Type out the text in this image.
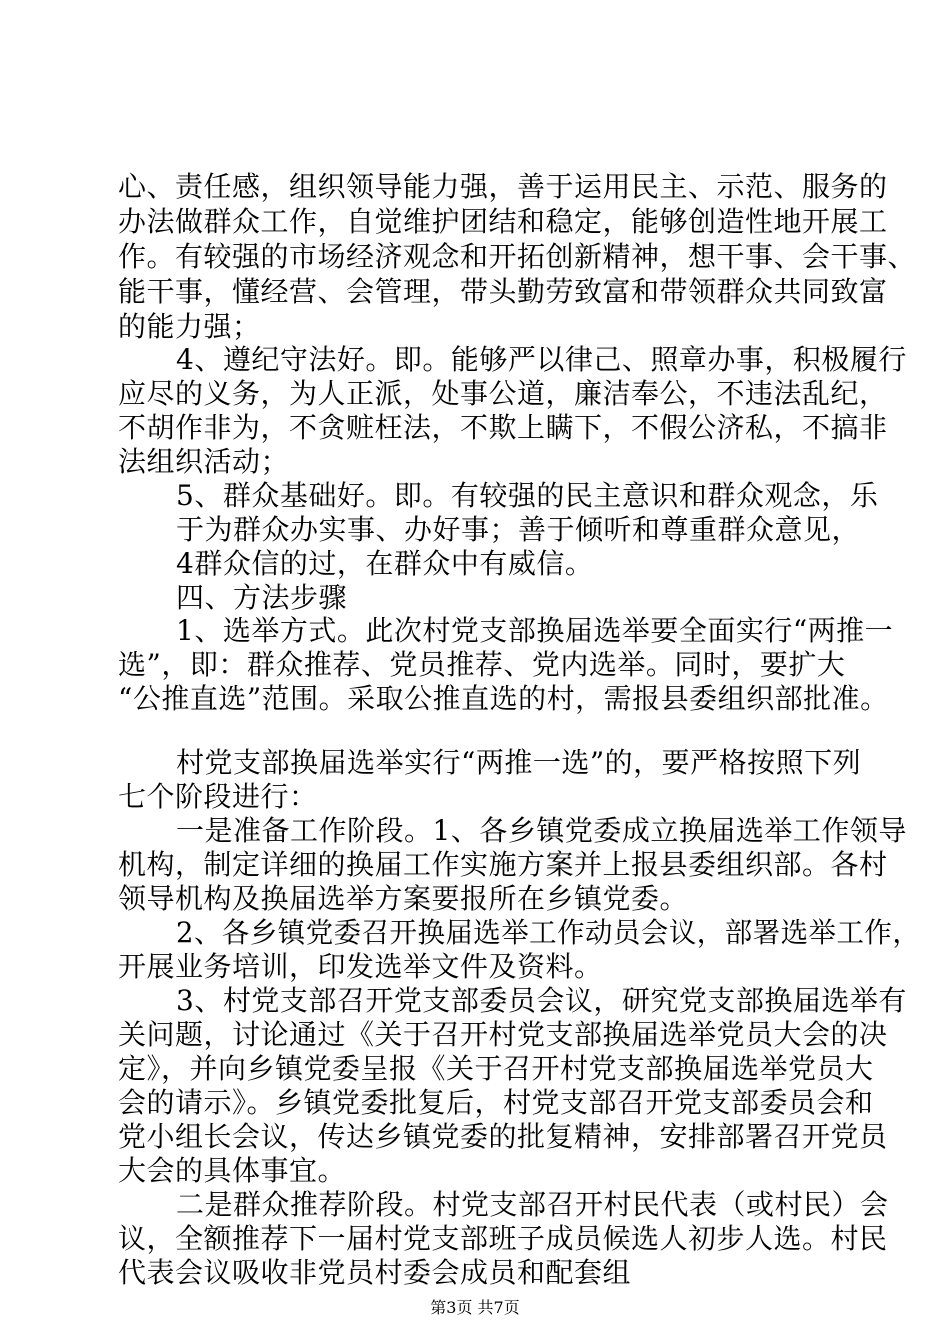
心、责任感，组织领导能力强，善于运用民主、示范、服务的
办法做群众工作，自觉维护团结和稳定，能够创造性地开展工
作。有较强的市场经济观念和开拓创新精神，想干事、会干事、
能干事，懂经营、会管理，带头勤劳致富和带领群众共同致富
的能力强；
4、遵纪守法好。即。能够严以律己、照章办事，积极履行
应尽的义务，为人正派，处事公道，廉洁奉公，不违法乱纪，
不胡作非为，不贪赃枉法，不欺上瞒下，不假公济私，不搞非
法组织活动；
5、群众基础好。即。有较强的民主意识和群众观念，乐
于为群众办实事、办好事；善于倾听和尊重群众意见，
4群众信的过，在群众中有威信。
四、方法步骤
1、选举方式。此次村党支部换届选举要全面实行“两推一
选”，即：群众推荐、党员推荐、党内选举。同时，要扩大
“公推直选”范围。采取公推直选的村，需报县委组织部批准。
村党支部换届选举实行“两推一选”的，要严格按照下列
七个阶段进行：
一是准备工作阶段。1、各乡镇党委成立换届选举工作领导
机构，制定详细的换届工作实施方案并上报县委组织部。各村
领导机构及换届选举方案要报所在乡镇党委。
2、各乡镇党委召开换届选举工作动员会议，部署选举工作，
开展业务培训，印发选举文件及资料。
3、村党支部召开党支部委员会议，研究党支部换届选举有
关问题，讨论通过《关于召开村党支部换届选举党员大会的决
定》，并向乡镇党委呈报《关于召开村党支部换届选举党员大
会的请示》。乡镇党委批复后，村党支部召开党支部委员会和
党小组长会议，传达乡镇党委的批复精神，安排部署召开党员
大会的具体事宜。
二是群众推荐阶段。村党支部召开村民代表（或村民）会
议，全额推荐下一届村党支部班子成员候选人初步人选。村民
代表会议吸收非党员村委会成员和配套组
第3页 共7页
